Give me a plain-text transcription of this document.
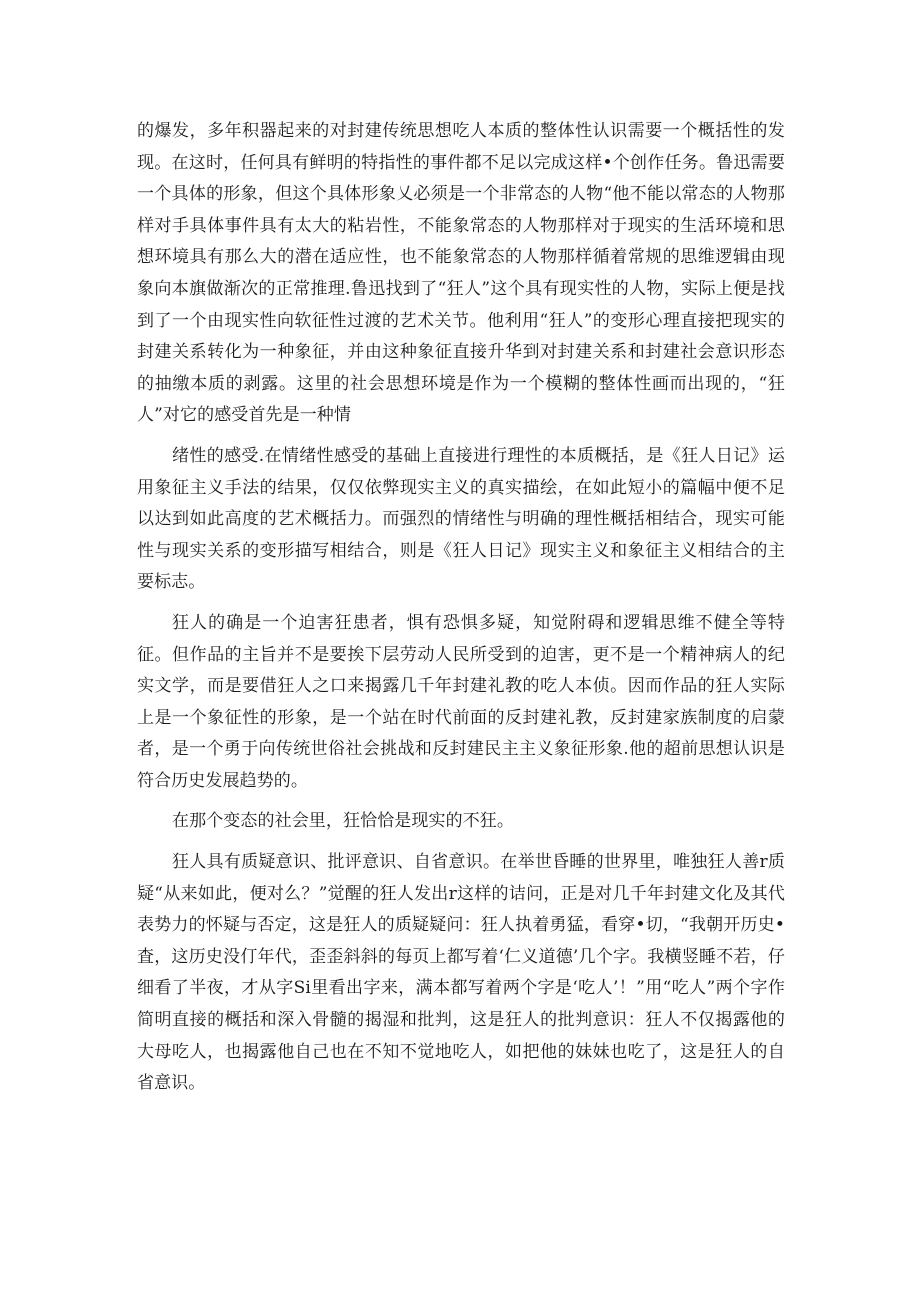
的爆发，多年积器起来的对封建传统思想吃人本质的整体性认识需要一个概括性的发现。在这时，任何具有鲜明的特指性的事件都不足以完成这样•个创作任务。鲁迅需要一个具体的形象，但这个具体形象乂必须是一个非常态的人物“他不能以常态的人物那样对手具体事件具有太大的粘岩性，不能象常态的人物那样对于现实的生活环境和思想环境具有那么大的潜在适应性，也不能象常态的人物那样循着常规的思维逻辑由现象向本旗做渐次的正常推理.鲁迅找到了“狂人”这个具有现实性的人物，实际上便是找到了一个由现实性向软征性过渡的艺术关节。他利用“狂人”的变形心理直接把现实的封建关系转化为一种象征，并由这种象征直接升华到对封建关系和封建社会意识形态的抽缴本质的剥露。这里的社会思想环境是作为一个模糊的整体性画而出现的，“狂人”对它的感受首先是一种情

绪性的感受.在情绪性感受的基础上直接进行理性的本质概括，是《狂人日记》运用象征主义手法的结果，仅仅依弊现实主义的真实描绘，在如此短小的篇幅中便不足以达到如此高度的艺术概括力。而强烈的情绪性与明确的理性概括相结合，现实可能性与现实关系的变形描写相结合，则是《狂人日记》现实主义和象征主义相结合的主要标志。

狂人的确是一个迫害狂患者，惧有恐惧多疑，知觉附碍和逻辑思维不健全等特征。但作品的主旨并不是要挨下层劳动人民所受到的迫害，更不是一个精神病人的纪实文学，而是要借狂人之口来揭露几千年封建礼教的吃人本侦。因而作品的狂人实际上是一个象征性的形象，是一个站在时代前面的反封建礼教，反封建家族制度的启蒙者，是一个勇于向传统世俗社会挑战和反封建民主主义象征形象.他的超前思想认识是符合历史发展趋势的。

在那个变态的社会里，狂恰恰是现实的不狂。

狂人具有质疑意识、批评意识、自省意识。在举世昏睡的世界里，唯独狂人善r质疑“从来如此，便对么？”觉醒的狂人发出r这样的诘问，正是对几千年封建文化及其代表势力的怀疑与否定，这是狂人的质疑疑问：狂人执着勇猛，看穿•切，“我朝开历史•査，这历史没仃年代，歪歪斜斜的每页上都写着‘仁义道德’几个字。我横竖睡不若，仔细看了半夜，才从字Si里看出字来，满本都写着两个字是‘吃人’！”用“吃人”两个字作简明直接的概括和深入骨髓的揭湿和批判，这是狂人的批判意识：狂人不仅揭露他的大母吃人，也揭露他自己也在不知不觉地吃人，如把他的妹妹也吃了，这是狂人的自省意识。
